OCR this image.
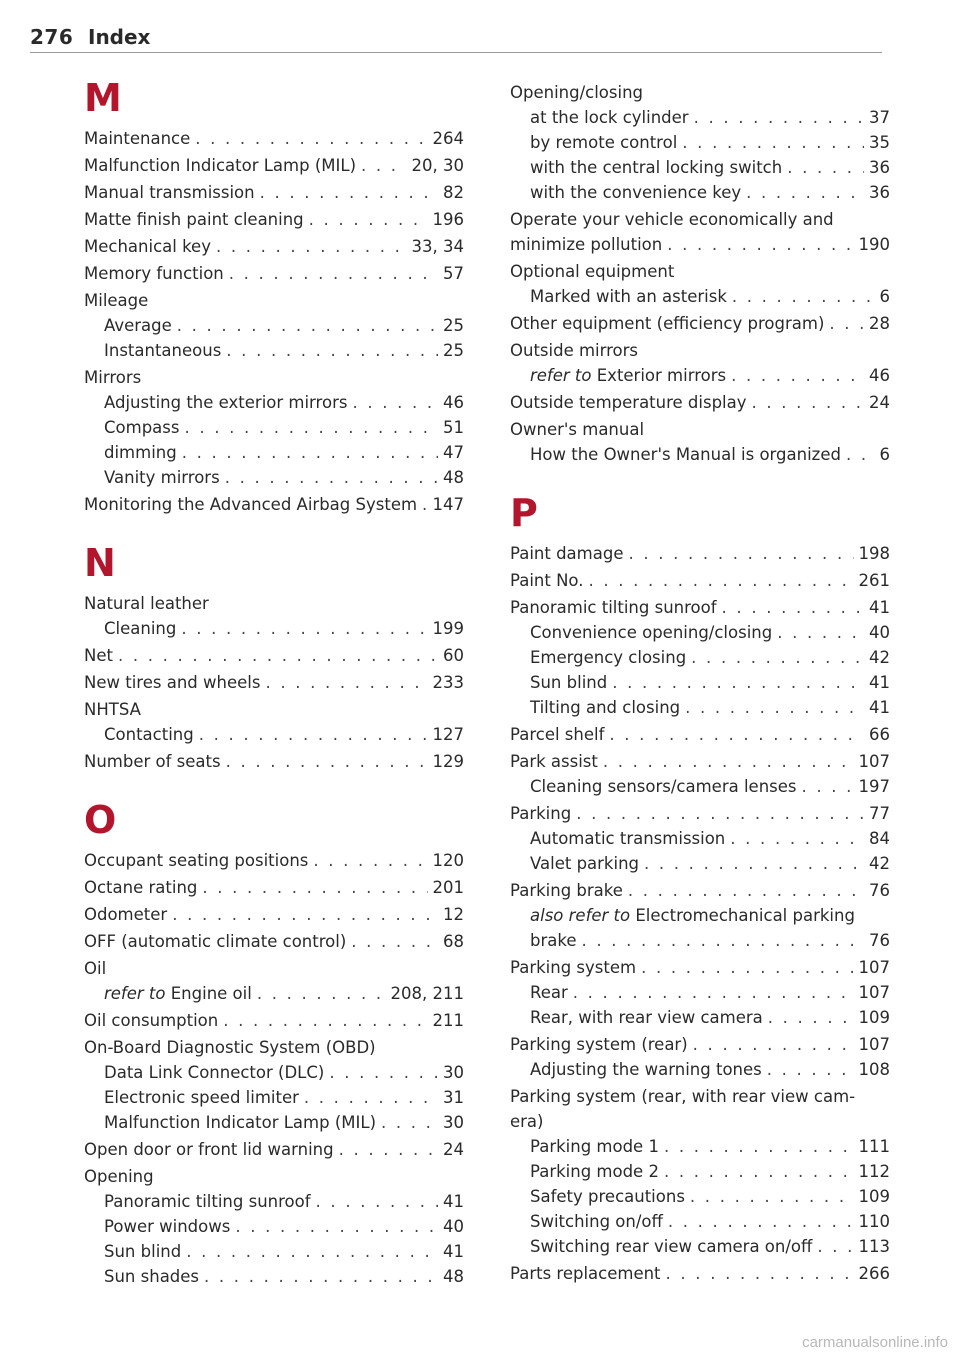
276 Index
M
Maintenance . . .	264
Malfunction Indicator Lamp (MIL) . . .	20, 30
Manual transmission . . .	82
Matte finish paint cleaning . . .	196
Mechanical key . . .	33, 34
Memory function . . .	57
Mileage
Average . . .	25
Instantaneous . . .	25
Mirrors
Adjusting the exterior mirrors . . .	46
Compass . . .	51
dimming . . .	47
Vanity mirrors . . .	48
Monitoring the Advanced Airbag System . . . 147
N
Natural leather
Cleaning . . .	199
Net . . .	60
New tires and wheels . . .	233
NHTSA
Contacting . . .	127
Number of seats . . .	129
O
Occupant seating positions . . .	120
Octane rating . . .	201
Odometer . . .	12
OFF (automatic climate control) . . .	68
Oil
refer to Engine oil . . .	208, 211
Oil consumption . . .	211
On-Board Diagnostic System (OBD)
Data Link Connector (DLC) . . .	30
Electronic speed limiter . . .	31
Malfunction Indicator Lamp (MIL) . . .	30
Open door or front lid warning . . .	24
Opening
Panoramic tilting sunroof . . .	41
Power windows . . .	40
Sun blind . . .	41
Sun shades . . .	48
Opening/closing
at the lock cylinder . . .	37
by remote control . . .	35
with the central locking switch . . .	36
with the convenience key . . .	36
Operate your vehicle economically and
minimize pollution . . .	190
Optional equipment
Marked with an asterisk . . .	6
Other equipment (efficiency program) . . .	28
Outside mirrors
refer to Exterior mirrors . . .	46
Outside temperature display . . .	24
Owner's manual
How the Owner's Manual is organized . . . 6
P
Paint damage . . .	198
Paint No. . . .	261
Panoramic tilting sunroof . . .	41
Convenience opening/closing . . .	40
Emergency closing . . .	42
Sun blind . . .	41
Tilting and closing . . .	41
Parcel shelf . . .	66
Park assist . . .	107
Cleaning sensors/camera lenses . . .	197
Parking . . .	77
Automatic transmission . . .	84
Valet parking . . .	42
Parking brake . . .	76
also refer to Electromechanical parking
brake . . .	76
Parking system . . .	107
Rear . . .	107
Rear, with rear view camera . . .	109
Parking system (rear) . . .	107
Adjusting the warning tones . . .	108
Parking system (rear, with rear view cam-
era)
Parking mode 1 . . .	111
Parking mode 2 . . .	112
Safety precautions . . .	109
Switching on/off . . .	110
Switching rear view camera on/off . . .	113
Parts replacement . . .	266
carmanualsonline.info
